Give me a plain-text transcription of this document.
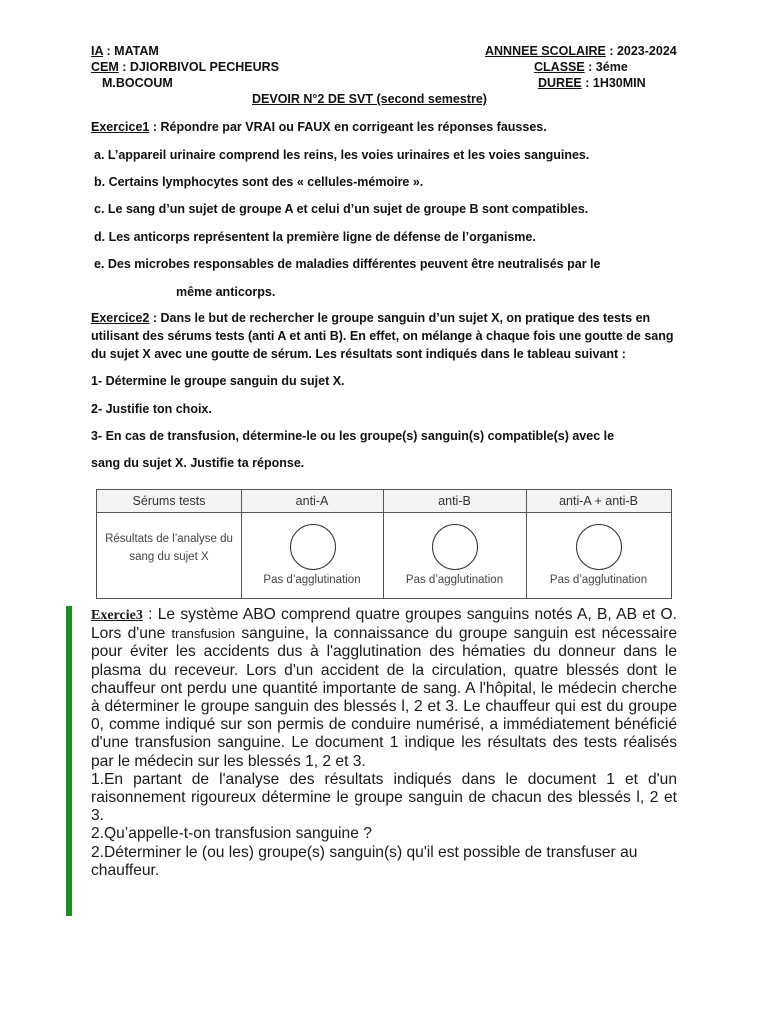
IA : MATAM
CEM : DJIORBIVOL PECHEURS
M.BOCOUM
ANNNEE SCOLAIRE : 2023-2024
CLASSE : 3éme
DUREE : 1H30MIN
DEVOIR N°2 DE SVT (second semestre)
Exercice1 : Répondre par VRAI ou FAUX en corrigeant les réponses fausses.
a. L’appareil urinaire comprend les reins, les voies urinaires et les voies sanguines.
b. Certains lymphocytes sont des « cellules-mémoire ».
c. Le sang d’un sujet de groupe A et celui d’un sujet de groupe B sont compatibles.
d. Les anticorps représentent la première ligne de défense de l’organisme.
e. Des microbes responsables de maladies différentes peuvent être neutralisés par le
même anticorps.
Exercice2 : Dans le but de rechercher le groupe sanguin d’un sujet X, on pratique des tests en
utilisant des sérums tests (anti A et anti B). En effet, on mélange à chaque fois une goutte de sang
du sujet X avec une goutte de sérum. Les résultats sont indiqués dans le tableau suivant :
1- Détermine le groupe sanguin du sujet X.
2- Justifie ton choix.
3- En cas de transfusion, détermine-le ou les groupe(s) sanguin(s) compatible(s) avec le
sang du sujet X. Justifie ta réponse.
Sérums tests	anti-A	anti-B	anti-A + anti-B
Résultats de l’analyse du
sang du sujet X
Pas d’agglutination	Pas d’agglutination	Pas d’agglutination

Exercie3 : Le système ABO comprend quatre groupes sanguins notés A, B, AB et O. Lors d'une transfusion sanguine, la connaissance du groupe sanguin est nécessaire pour éviter les accidents dus à l'agglutination des hématies du donneur dans le plasma du receveur. Lors d'un accident de la circulation, quatre blessés dont le chauffeur ont perdu une quantité importante de sang. A l'hôpital, le médecin cherche à déterminer le groupe sanguin des blessés l, 2 et 3. Le chauffeur qui est du groupe 0, comme indiqué sur son permis de conduire numérisé, a immédiatement bénéficié d'une transfusion sanguine. Le document 1 indique les résultats des tests réalisés par le médecin sur les blessés 1, 2 et 3.

1.En partant de l'analyse des résultats indiqués dans le document 1 et d'un raisonnement rigoureux détermine le groupe sanguin de chacun des blessés l, 2 et 3.

2.Qu’appelle-t-on transfusion sanguine ?

2.Déterminer le (ou les) groupe(s) sanguin(s) qu'il est possible de transfuser au chauffeur.
